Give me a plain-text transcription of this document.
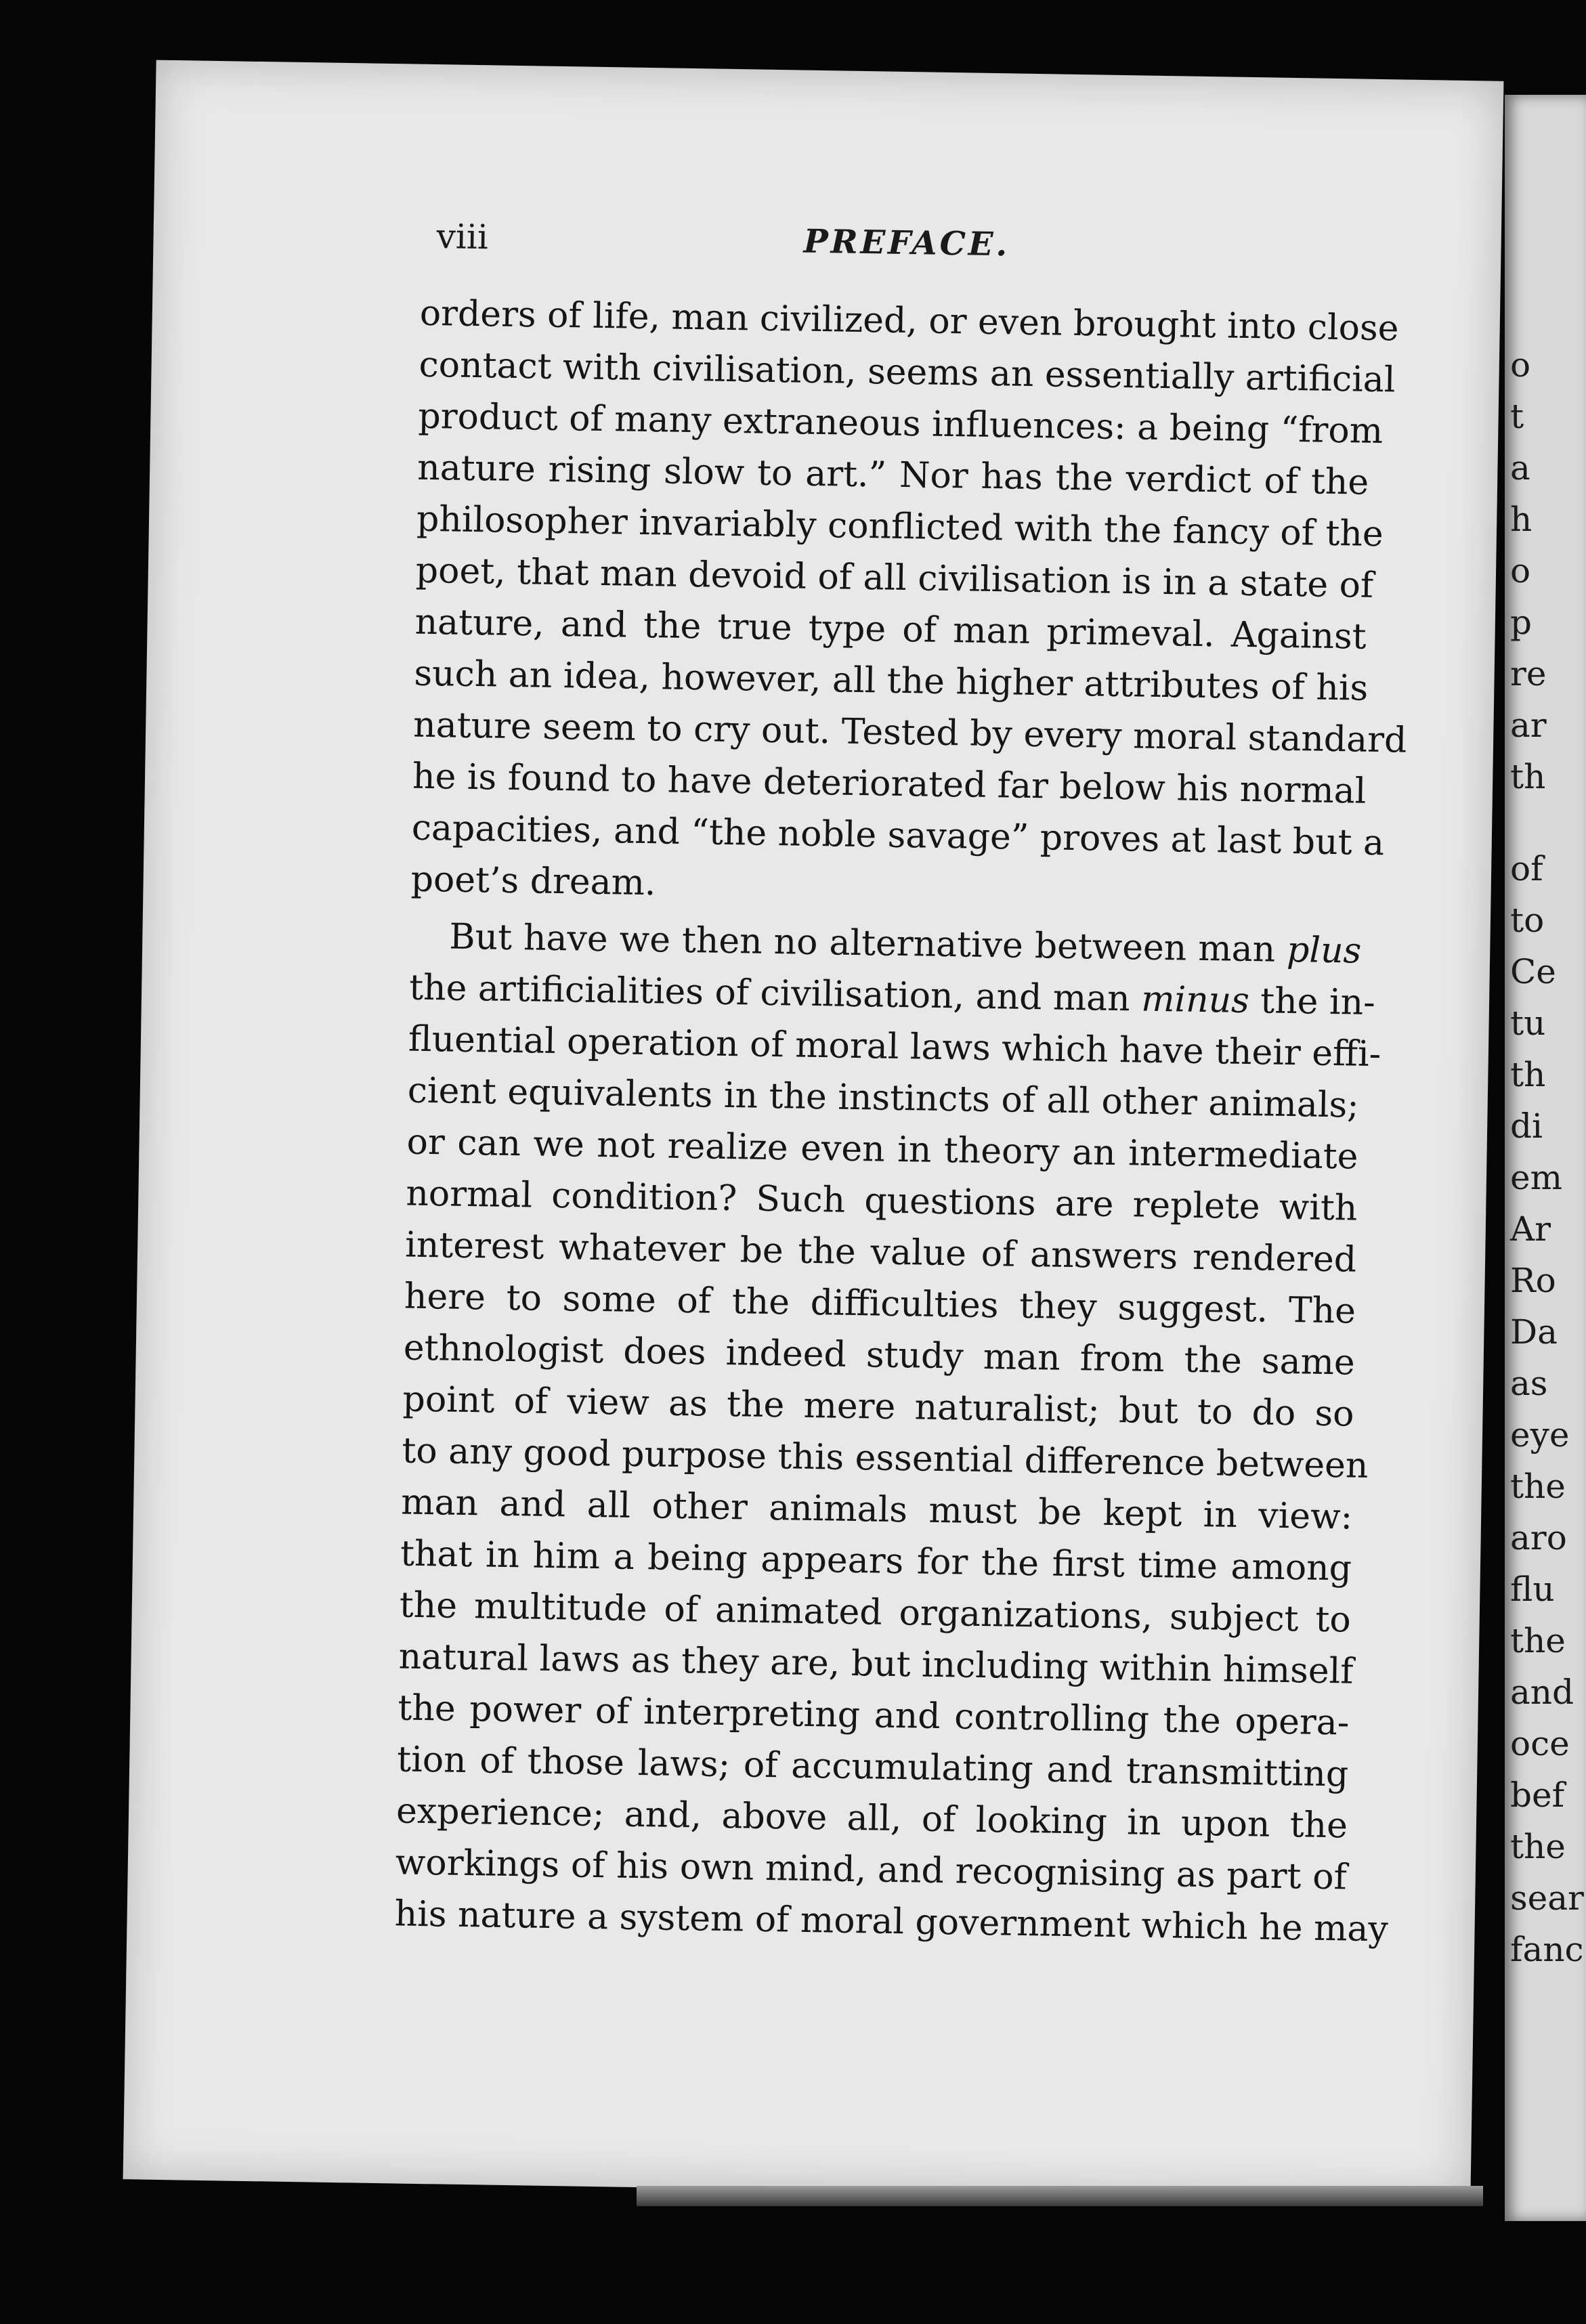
viii	PREFACE.

orders of life, man civilized, or even brought into close
contact with civilisation, seems an essentially artificial
product of many extraneous influences: a being “from
nature rising slow to art.” Nor has the verdict of the
philosopher invariably conflicted with the fancy of the
poet, that man devoid of all civilisation is in a state of
nature, and the true type of man primeval. Against
such an idea, however, all the higher attributes of his
nature seem to cry out. Tested by every moral standard
he is found to have deteriorated far below his normal
capacities, and “the noble savage” proves at last but a
poet’s dream.

But have we then no alternative between man plus
the artificialities of civilisation, and man minus the in-
fluential operation of moral laws which have their effi-
cient equivalents in the instincts of all other animals;
or can we not realize even in theory an intermediate
normal condition? Such questions are replete with
interest whatever be the value of answers rendered
here to some of the difficulties they suggest. The
ethnologist does indeed study man from the same
point of view as the mere naturalist; but to do so
to any good purpose this essential difference between
man and all other animals must be kept in view:
that in him a being appears for the first time among
the multitude of animated organizations, subject to
natural laws as they are, but including within himself
the power of interpreting and controlling the opera-
tion of those laws; of accumulating and transmitting
experience; and, above all, of looking in upon the
workings of his own mind, and recognising as part of
his nature a system of moral government which he may

o
t
a
h
o
p
re
ar
th
of
to
Ce
tu
th
di
em
Ar
Ro
Da
as
eye
the
aro
flu
the
and
oce
bef
the
sear
fanc
